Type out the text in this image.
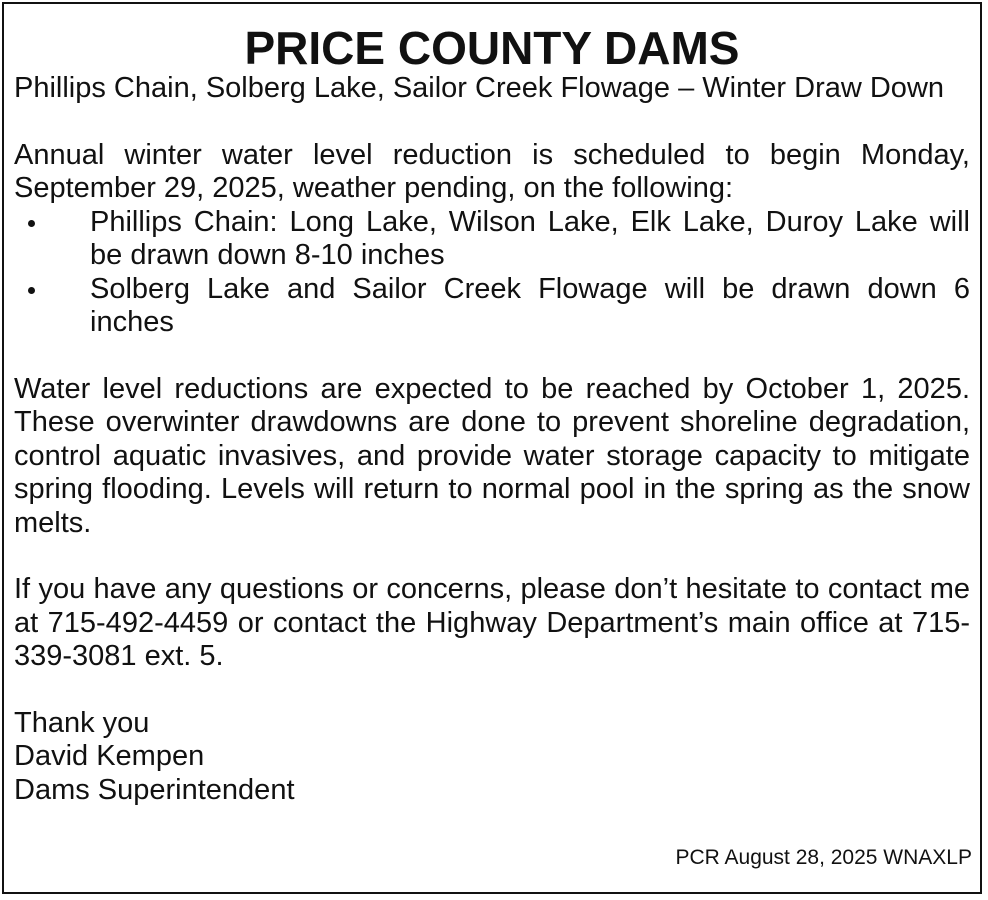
PRICE COUNTY DAMS

Phillips Chain, Solberg Lake, Sailor Creek Flowage – Winter Draw Down

Annual winter water level reduction is scheduled to begin Monday, September 29, 2025, weather pending, on the following:

Phillips Chain: Long Lake, Wilson Lake, Elk Lake, Duroy Lake will be drawn down 8-10 inches
Solberg Lake and Sailor Creek Flowage will be drawn down 6 inches

Water level reductions are expected to be reached by October 1, 2025. These overwinter drawdowns are done to prevent shoreline degradation, control aquatic invasives, and provide water storage capacity to mitigate spring flooding. Levels will return to normal pool in the spring as the snow melts.

If you have any questions or concerns, please don’t hesitate to contact me at 715-492-4459 or contact the Highway Department’s main office at 715-339-3081 ext. 5.

Thank you

David Kempen

Dams Superintendent

PCR August 28, 2025 WNAXLP
